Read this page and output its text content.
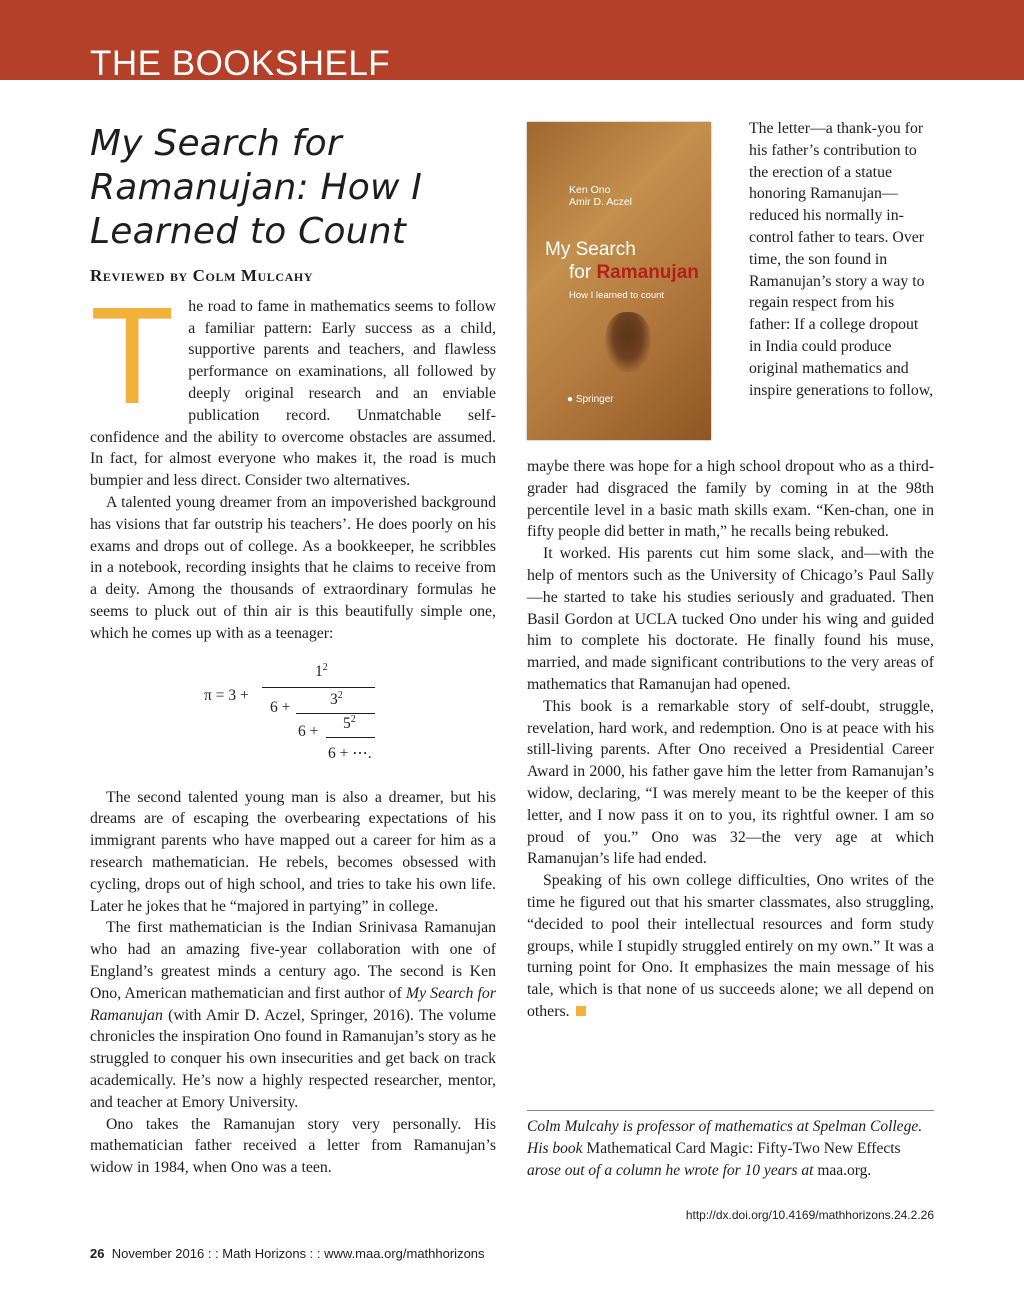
THE BOOKSHELF
My Search for Ramanujan: How I Learned to Count
Reviewed by Colm Mulcahy
T he road to fame in mathematics seems to follow a familiar pattern: Early success as a child, supportive parents and teachers, and flawless performance on examinations, all followed by deeply original research and an enviable publication record. Unmatchable self-confidence and the ability to overcome obstacles are assumed. In fact, for almost everyone who makes it, the road is much bumpier and less direct. Consider two alternatives.

A talented young dreamer from an impoverished background has visions that far outstrip his teachers’. He does poorly on his exams and drops out of college. As a bookkeeper, he scribbles in a notebook, recording insights that he claims to receive from a deity. Among the thousands of extraordinary formulas he seems to pluck out of thin air is this beautifully simple one, which he comes up with as a teenager:

π = 3 +
$1^2$
6 +	$3^2$
$6 + 5^2$
6 + ⋯.

The second talented young man is also a dreamer, but his dreams are of escaping the overbearing expectations of his immigrant parents who have mapped out a career for him as a research mathematician. He rebels, becomes obsessed with cycling, drops out of high school, and tries to take his own life. Later he jokes that he “majored in partying” in college.

The first mathematician is the Indian Srinivasa Ramanujan who had an amazing five-year collaboration with one of England’s greatest minds a century ago. The second is Ken Ono, American mathematician and first author of My Search for Ramanujan (with Amir D. Aczel, Springer, 2016). The volume chronicles the inspiration Ono found in Ramanujan’s story as he struggled to conquer his own insecurities and get back on track academically. He’s now a highly respected researcher, mentor, and teacher at Emory University.

Ono takes the Ramanujan story very personally. His mathematician father received a letter from Ramanujan’s widow in 1984, when Ono was a teen.

Ken Ono
Amir D. Aczel
My Search
for Ramanujan
How I learned to count
● Springer
The letter—a thank-you for his father’s contribution to the erection of a statue honoring Ramanujan—reduced his normally in-control father to tears. Over time, the son found in Ramanujan’s story a way to regain respect from his father: If a college dropout in India could produce original mathematics and inspire generations to follow,

maybe there was hope for a high school dropout who as a third-grader had disgraced the family by coming in at the 98th percentile level in a basic math skills exam. “Ken-chan, one in fifty people did better in math,” he recalls being rebuked.

It worked. His parents cut him some slack, and—with the help of mentors such as the University of Chicago’s Paul Sally—he started to take his studies seriously and graduated. Then Basil Gordon at UCLA tucked Ono under his wing and guided him to complete his doctorate. He finally found his muse, married, and made significant contributions to the very areas of mathematics that Ramanujan had opened.

This book is a remarkable story of self-doubt, struggle, revelation, hard work, and redemption. Ono is at peace with his still-living parents. After Ono received a Presidential Career Award in 2000, his father gave him the letter from Ramanujan’s widow, declaring, “I was merely meant to be the keeper of this letter, and I now pass it on to you, its rightful owner. I am so proud of you.” Ono was 32—the very age at which Ramanujan’s life had ended.

Speaking of his own college difficulties, Ono writes of the time he figured out that his smarter classmates, also struggling, “decided to pool their intellectual resources and form study groups, while I stupidly struggled entirely on my own.” It was a turning point for Ono. It emphasizes the main message of his tale, which is that none of us succeeds alone; we all depend on others.

Colm Mulcahy is professor of mathematics at Spelman College. His book Mathematical Card Magic: Fifty-Two New Effects arose out of a column he wrote for 10 years at maa.org.
http://dx.doi.org/10.4169/mathhorizons.24.2.26
26 November 2016 : : Math Horizons : : www.maa.org/mathhorizons
